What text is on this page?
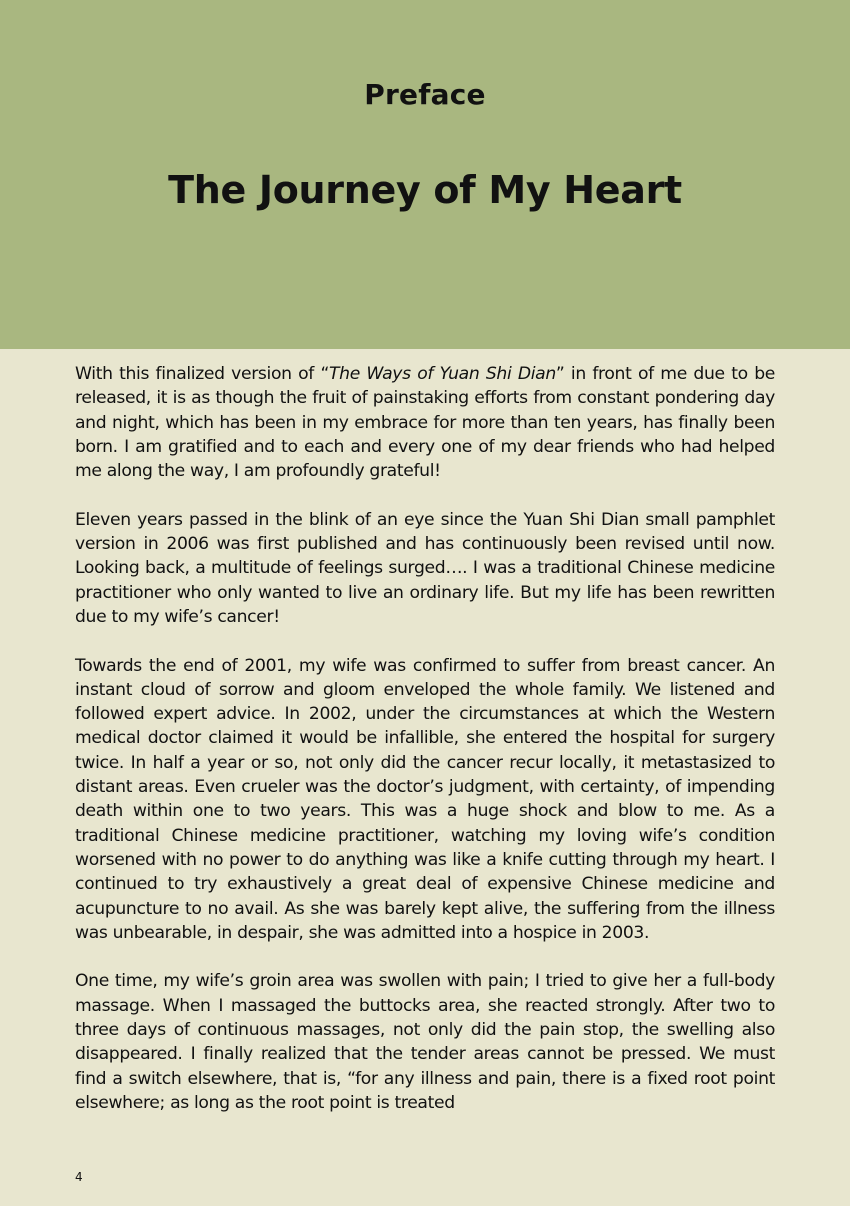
Preface
The Journey of My Heart

With this finalized version of “The Ways of Yuan Shi Dian” in front of me due to be released, it is as though the fruit of painstaking efforts from constant pondering day and night, which has been in my embrace for more than ten years, has finally been born. I am gratified and to each and every one of my dear friends who had helped me along the way, I am profoundly grateful!

Eleven years passed in the blink of an eye since the Yuan Shi Dian small pamphlet version in 2006 was first published and has continuously been revised until now. Looking back, a multitude of feelings surged…. I was a traditional Chinese medicine practitioner who only wanted to live an ordinary life. But my life has been rewritten due to my wife’s cancer!

Towards the end of 2001, my wife was confirmed to suffer from breast cancer. An instant cloud of sorrow and gloom enveloped the whole family. We listened and followed expert advice. In 2002, under the circumstances at which the Western medical doctor claimed it would be infallible, she entered the hospital for surgery twice. In half a year or so, not only did the cancer recur locally, it metastasized to distant areas. Even crueler was the doctor’s judgment, with certainty, of impending death within one to two years. This was a huge shock and blow to me. As a traditional Chinese medicine practitioner, watching my loving wife’s condition worsened with no power to do anything was like a knife cutting through my heart. I continued to try exhaustively a great deal of expensive Chinese medicine and acupuncture to no avail. As she was barely kept alive, the suffering from the illness was unbearable, in despair, she was admitted into a hospice in 2003.

One time, my wife’s groin area was swollen with pain; I tried to give her a full-body massage. When I massaged the buttocks area, she reacted strongly. After two to three days of continuous massages, not only did the pain stop, the swelling also disappeared. I finally realized that the tender areas cannot be pressed. We must find a switch elsewhere, that is, “for any illness and pain, there is a fixed root point elsewhere; as long as the root point is treated

4
